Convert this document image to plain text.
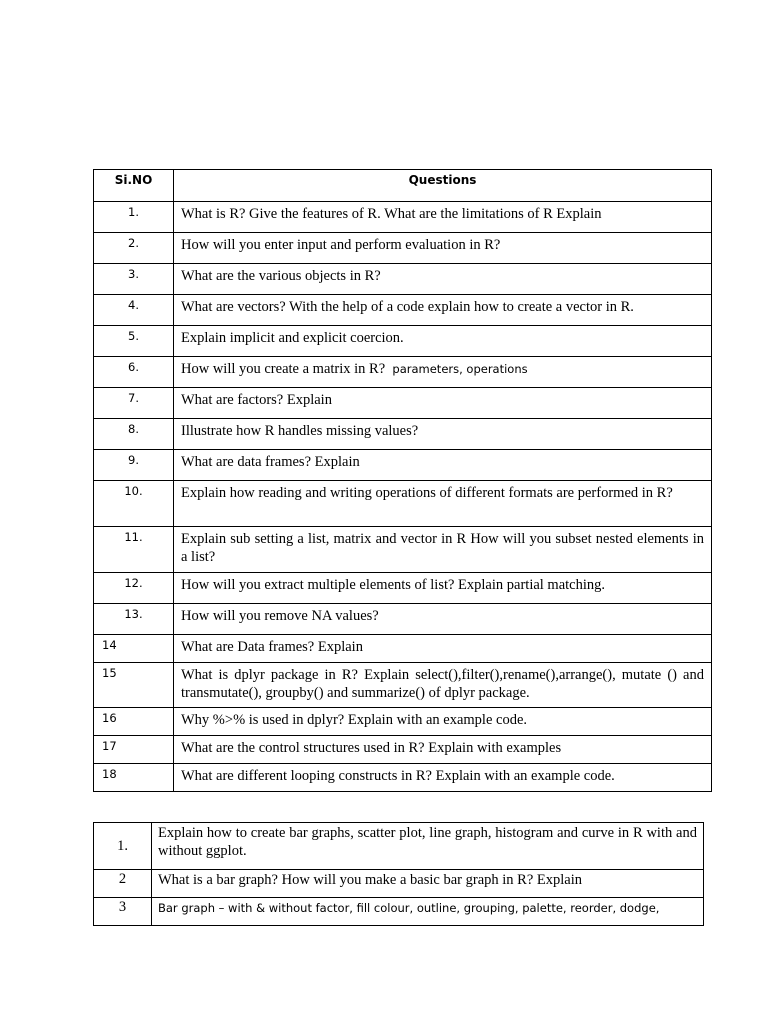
Si.NO	Questions
1.	What is R? Give the features of R. What are the limitations of R Explain
2.	How will you enter input and perform evaluation in R?
3.	What are the various objects in R?
4.	What are vectors? With the help of a code explain how to create a vector in R.
5.	Explain implicit and explicit coercion.
6.	How will you create a matrix in R? parameters, operations
7.	What are factors? Explain
8.	Illustrate how R handles missing values?
9.	What are data frames? Explain
10.	Explain how reading and writing operations of different formats are performed in R?
11.	Explain sub setting a list, matrix and vector in R How will you subset nested elements in a list?
12.	How will you extract multiple elements of list? Explain partial matching.
13.	How will you remove NA values?
14	What are Data frames? Explain
15	What is dplyr package in R? Explain select(),filter(),rename(),arrange(), mutate () and transmutate(), groupby() and summarize() of dplyr package.
16	Why %>% is used in dplyr? Explain with an example code.
17	What are the control structures used in R? Explain with examples
18	What are different looping constructs in R? Explain with an example code.
1.	Explain how to create bar graphs, scatter plot, line graph, histogram and curve in R with and without ggplot.
2	What is a bar graph? How will you make a basic bar graph in R? Explain
3	Bar graph – with & without factor, fill colour, outline, grouping, palette, reorder, dodge,
